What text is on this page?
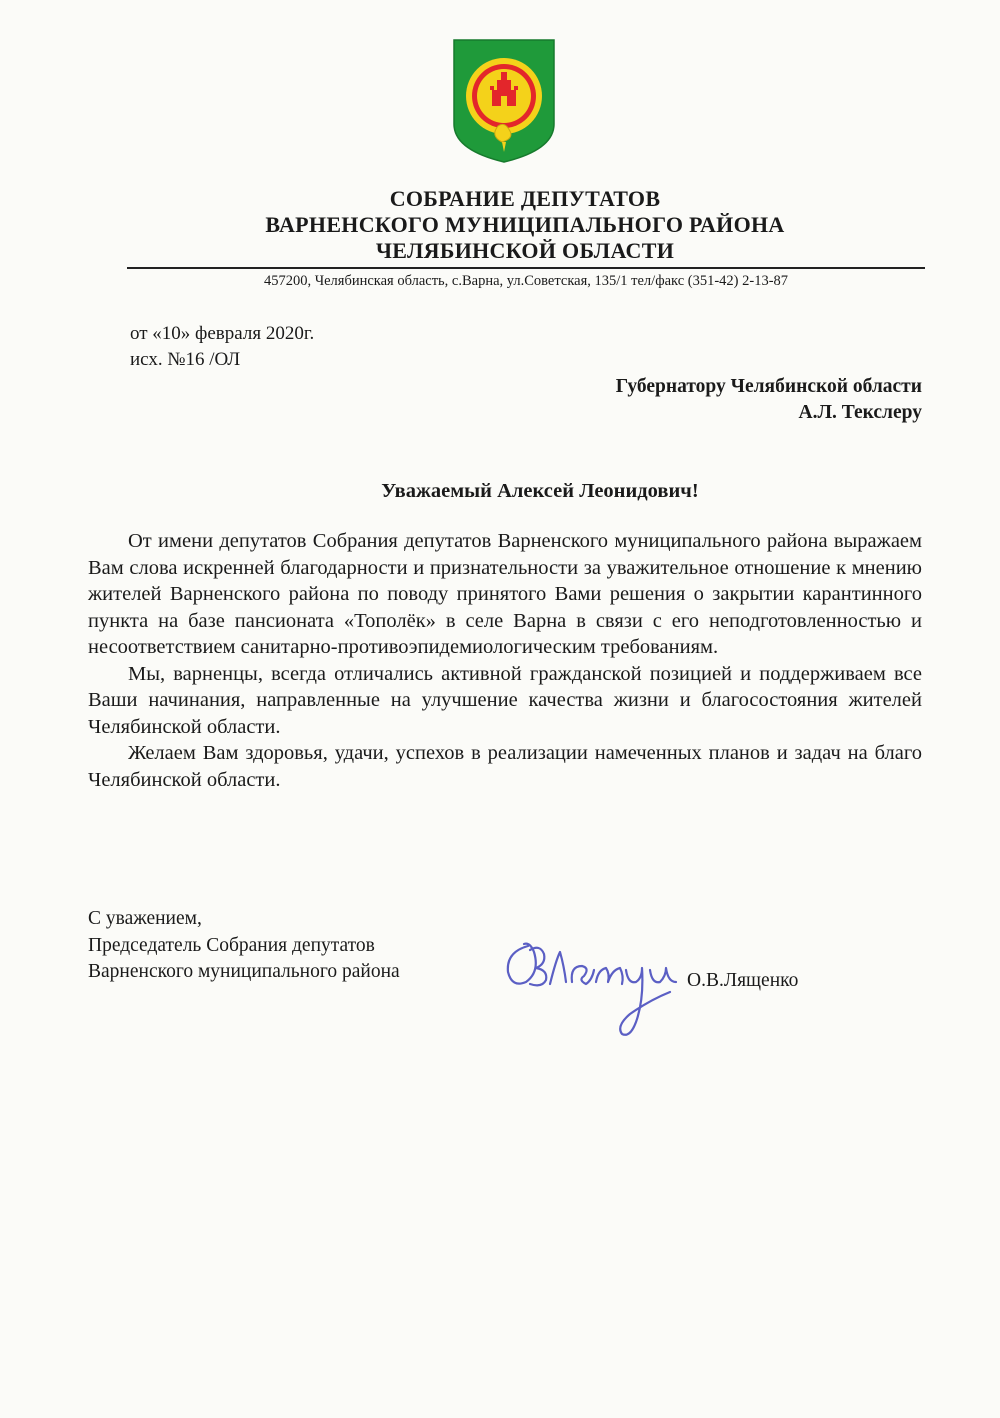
СОБРАНИЕ ДЕПУТАТОВ
ВАРНЕНСКОГО МУНИЦИПАЛЬНОГО РАЙОНА
ЧЕЛЯБИНСКОЙ ОБЛАСТИ
457200, Челябинская область, с.Варна, ул.Советская, 135/1 тел/факс (351-42) 2-13-87
от «10» февраля 2020г.
исх. №16 /ОЛ
Губернатору Челябинской области
А.Л. Текслеру
Уважаемый Алексей Леонидович!

От имени депутатов Собрания депутатов Варненского муниципального района выражаем Вам слова искренней благодарности и признательности за уважительное отношение к мнению жителей Варненского района по поводу принятого Вами решения о закрытии карантинного пункта на базе пансионата «Тополёк» в селе Варна в связи с его неподготовленностью и несоответствием санитарно-противоэпидемиологическим требованиям.

Мы, варненцы, всегда отличались активной гражданской позицией и поддерживаем все Ваши начинания, направленные на улучшение качества жизни и благосостояния жителей Челябинской области.

Желаем Вам здоровья, удачи, успехов в реализации намеченных планов и задач на благо Челябинской области.

С уважением,
Председатель Собрания депутатов
Варненского муниципального района	О.В.Лященко
